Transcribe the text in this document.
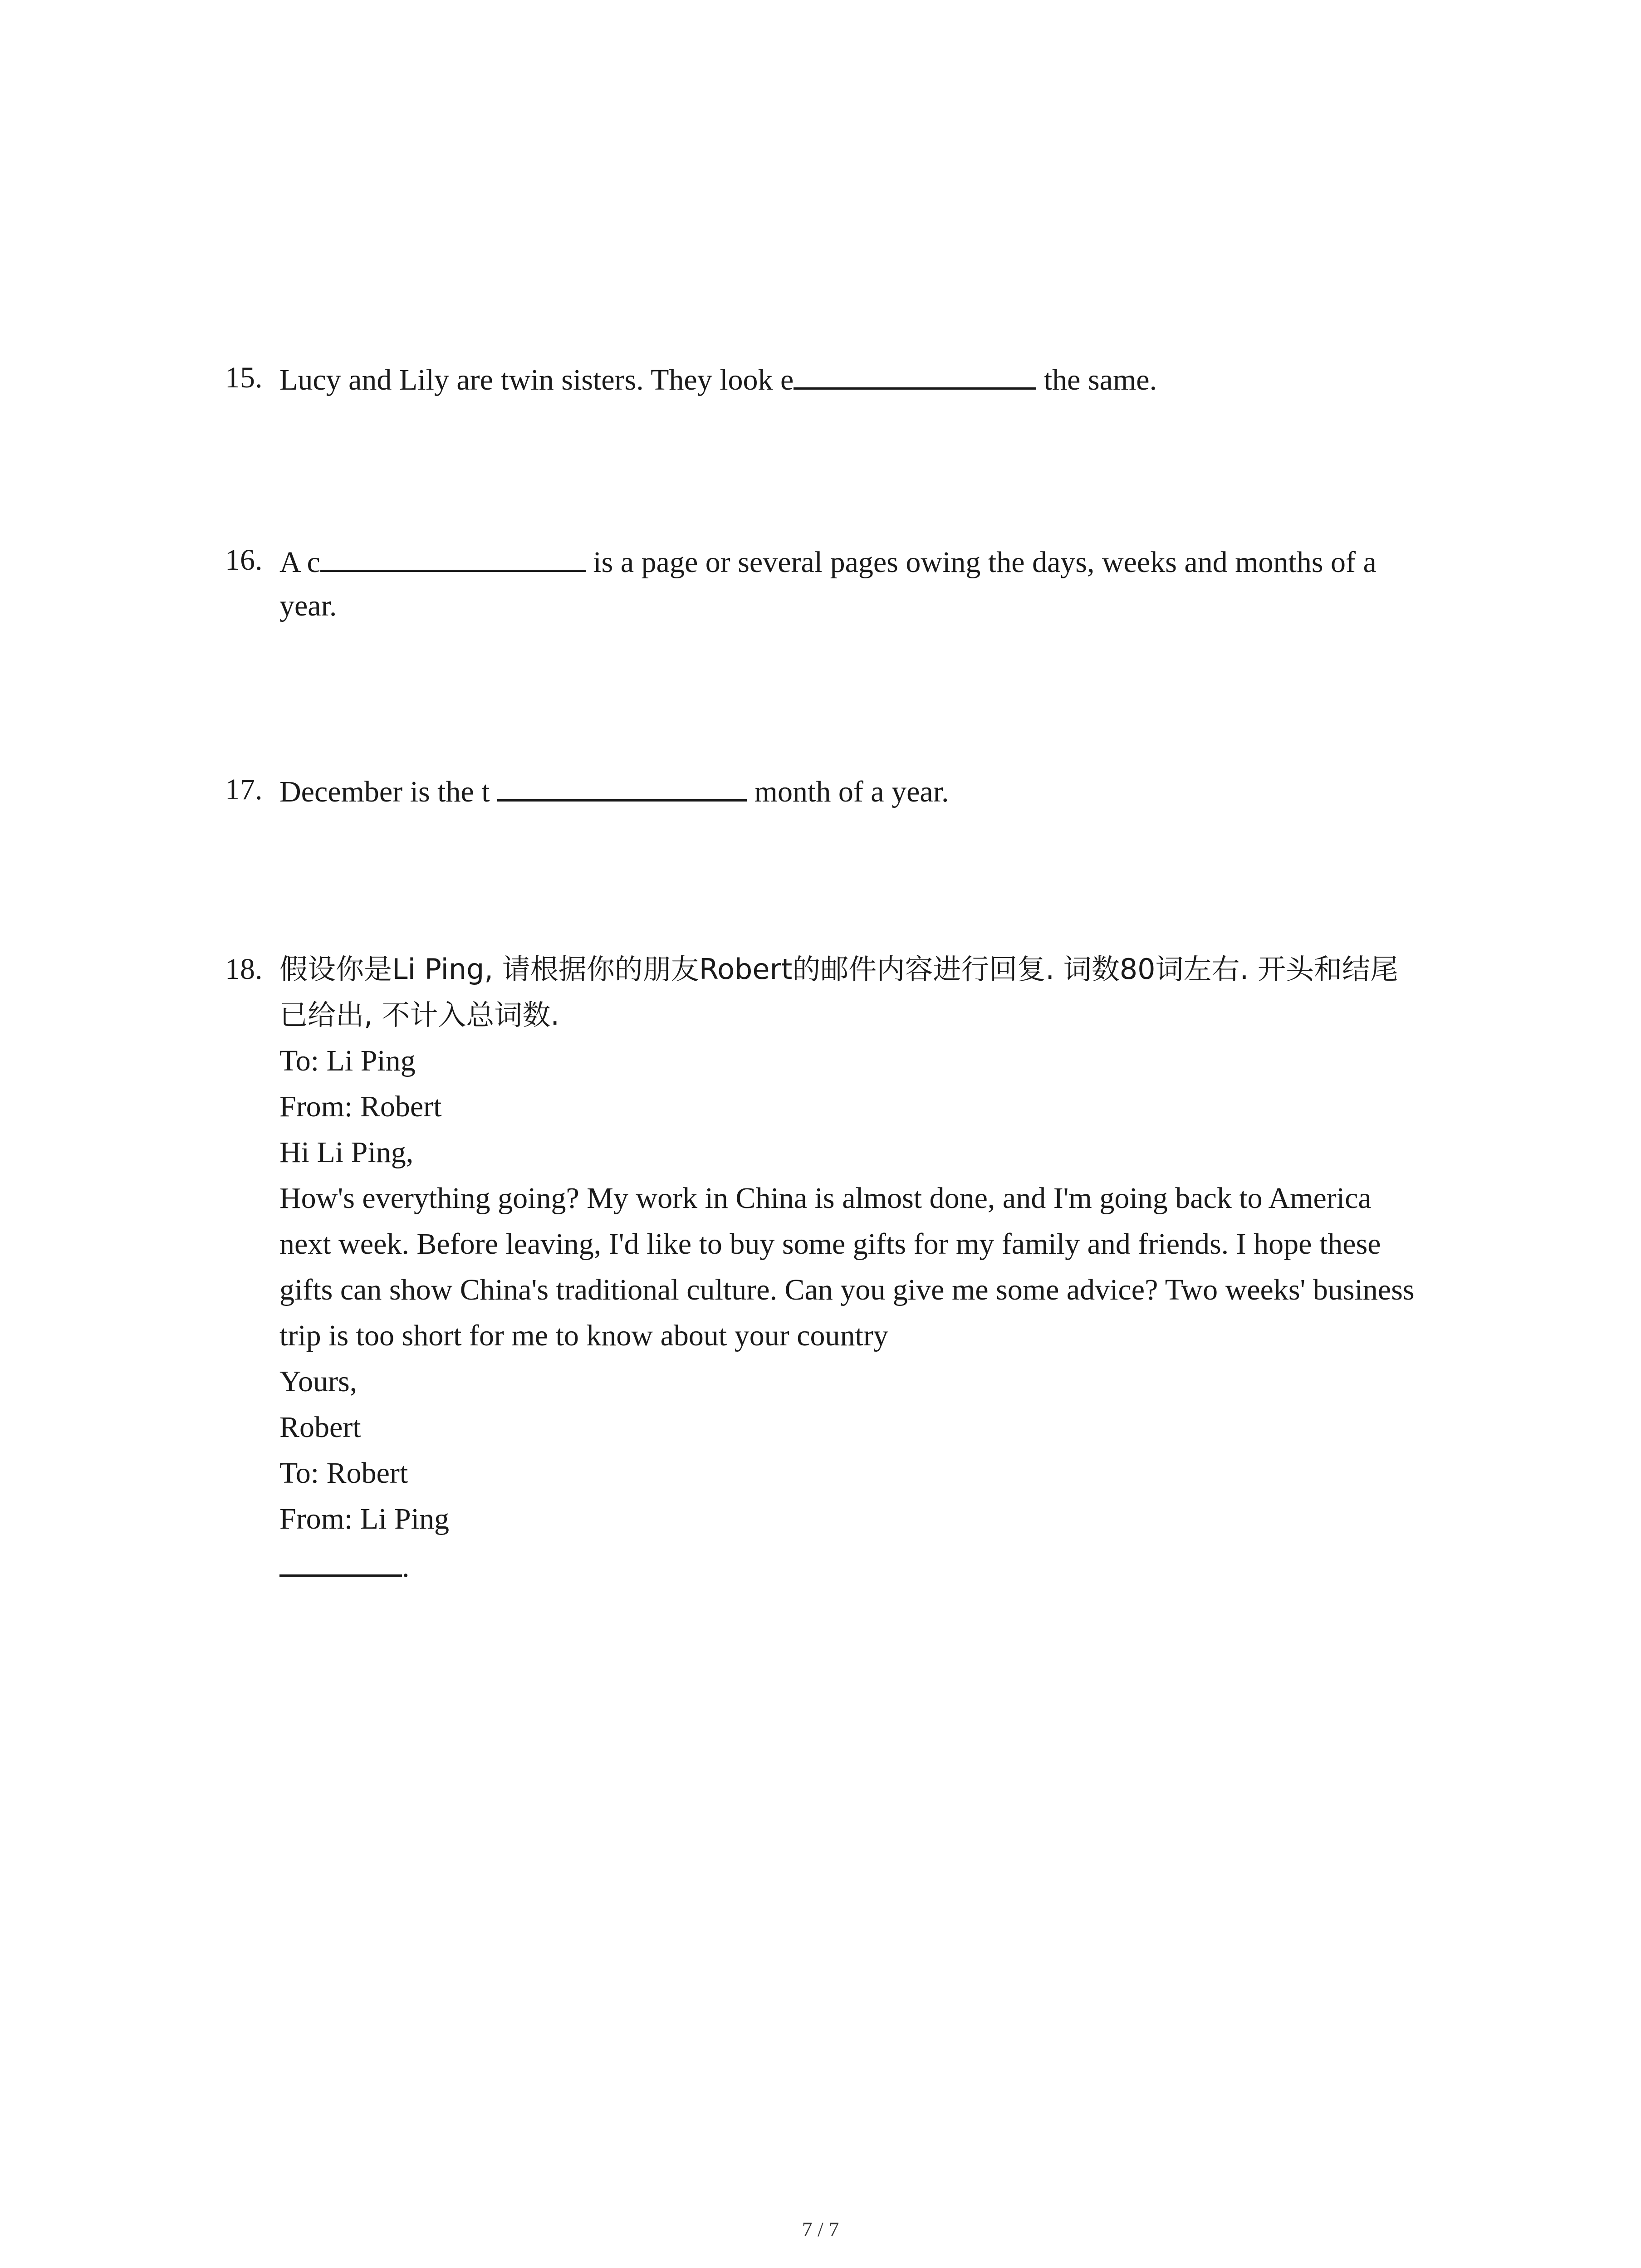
15. Lucy and Lily are twin sisters. They look e	the same.
16. A c	is a page or several pages owing the days, weeks and months of a
year.
17. December is the t	month of a year.
18. 假设你是Li Ping, 请根据你的朋友Robert的邮件内容进行回复. 词数80词左右. 开头和结尾
已给出, 不计入总词数.
To: Li Ping
From: Robert
Hi Li Ping,
How's everything going? My work in China is almost done, and I'm going back to America
next week. Before leaving, I'd like to buy some gifts for my family and friends. I hope these
gifts can show China's traditional culture. Can you give me some advice? Two weeks' business
trip is too short for me to know about your country
Yours,
Robert
To: Robert
From: Li Ping
.
7 / 7
